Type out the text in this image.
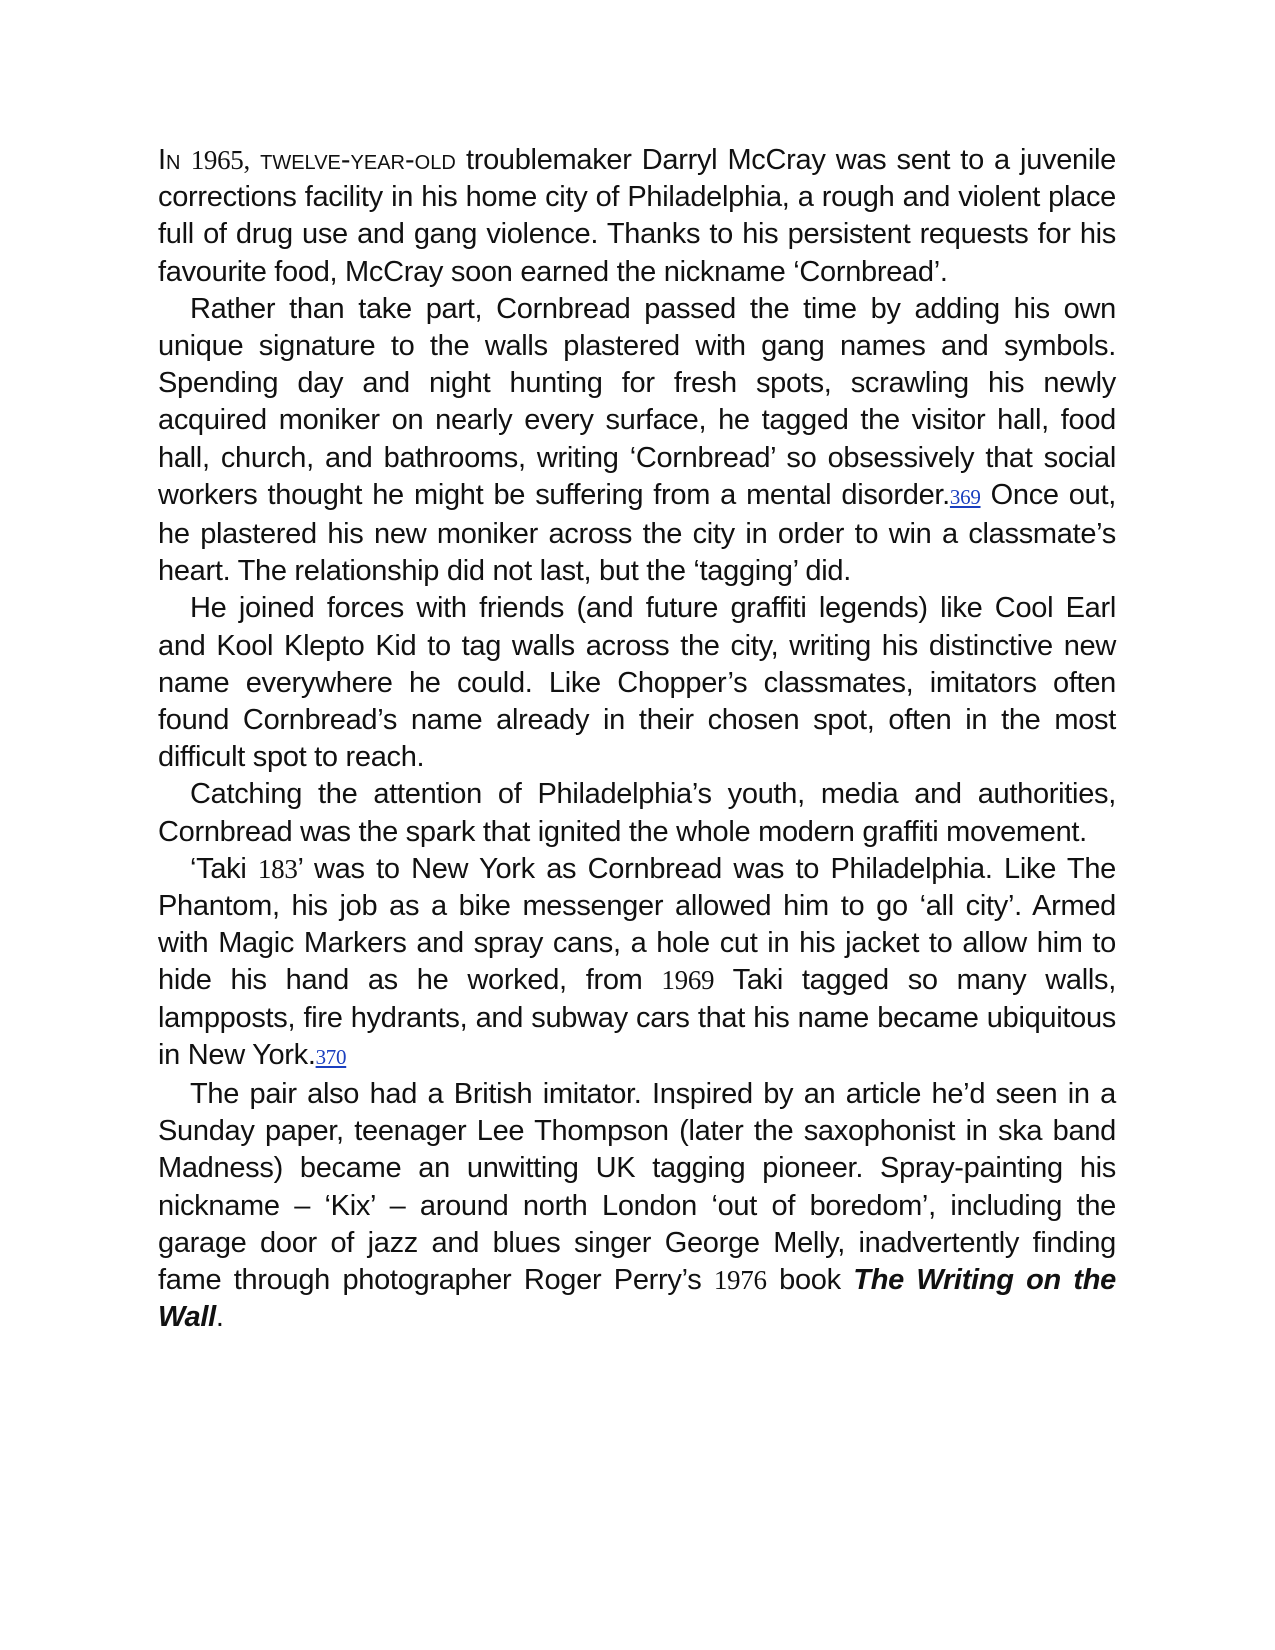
In 1965, twelve-year-old troublemaker Darryl McCray was sent to a juvenile corrections facility in his home city of Philadelphia, a rough and violent place full of drug use and gang violence. Thanks to his persistent requests for his favourite food, McCray soon earned the nickname ‘Cornbread’.

Rather than take part, Cornbread passed the time by adding his own unique signature to the walls plastered with gang names and symbols. Spending day and night hunting for fresh spots, scrawling his newly acquired moniker on nearly every surface, he tagged the visitor hall, food hall, church, and bathrooms, writing ‘Cornbread’ so obsessively that social workers thought he might be suffering from a mental disorder.369 Once out, he plastered his new moniker across the city in order to win a classmate’s heart. The relationship did not last, but the ‘tagging’ did.

He joined forces with friends (and future graffiti legends) like Cool Earl and Kool Klepto Kid to tag walls across the city, writing his distinctive new name everywhere he could. Like Chopper’s classmates, imitators often found Cornbread’s name already in their chosen spot, often in the most difficult spot to reach.

Catching the attention of Philadelphia’s youth, media and authorities, Cornbread was the spark that ignited the whole modern graffiti movement.

‘Taki 183’ was to New York as Cornbread was to Philadelphia. Like The Phantom, his job as a bike messenger allowed him to go ‘all city’. Armed with Magic Markers and spray cans, a hole cut in his jacket to allow him to hide his hand as he worked, from 1969 Taki tagged so many walls, lampposts, fire hydrants, and subway cars that his name became ubiquitous in New York.370

The pair also had a British imitator. Inspired by an article he’d seen in a Sunday paper, teenager Lee Thompson (later the saxophonist in ska band Madness) became an unwitting UK tagging pioneer. Spray-painting his nickname – ‘Kix’ – around north London ‘out of boredom’, including the garage door of jazz and blues singer George Melly, inadvertently finding fame through photographer Roger Perry’s 1976 book The Writing on the Wall.
